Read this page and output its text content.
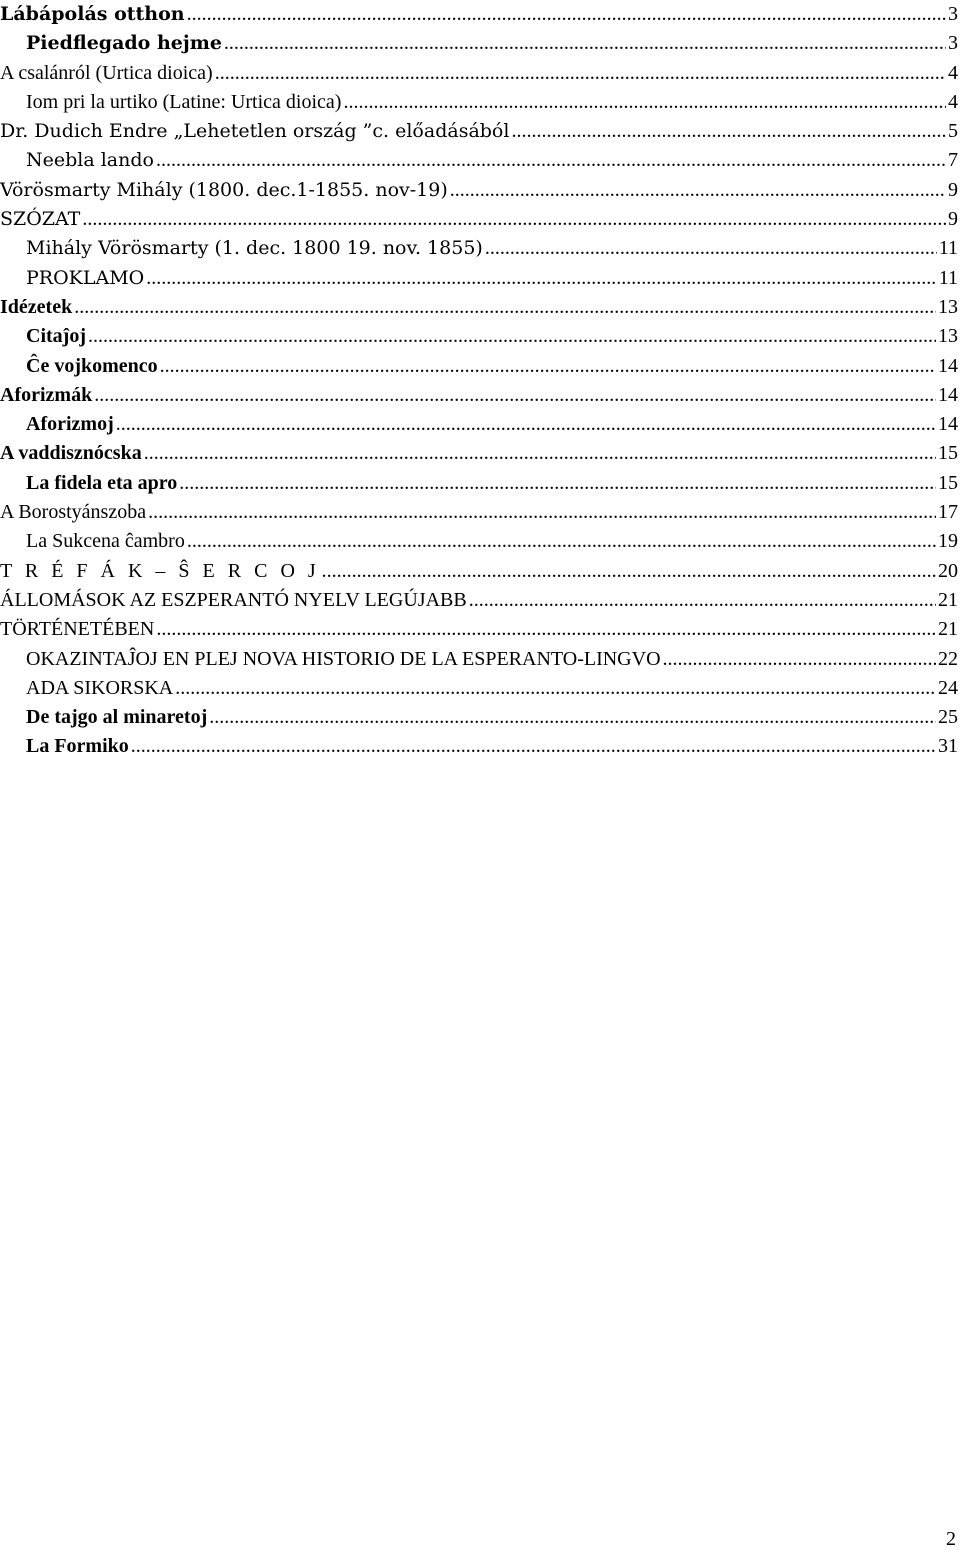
Lábápolás otthon .....	3
Piedflegado hejme .....	3
A csalánról (Urtica dioica) .....	4
Iom pri la urtiko (Latine: Urtica dioica) .....	4
Dr. Dudich Endre „Lehetetlen ország ”c. előadásából .....	5
Neebla lando .....	7
Vörösmarty Mihály (1800. dec.1-1855. nov-19) .....	9
SZÓZAT .....	9
Mihály Vörösmarty (1. dec. 1800 19. nov. 1855) .....	11
PROKLAMO .....	11
Idézetek .....	13
Citaĵoj .....	13
Ĉe vojkomenco .....	14
Aforizmák .....	14
Aforizmoj .....	14
A vaddisznócska .....	15
La fidela eta apro .....	15
A Borostyánszoba .....	17
La Sukcena ĉambro .....	19
T R É F Á K – Ŝ E R C O J .....	20
ÁLLOMÁSOK AZ ESZPERANTÓ NYELV LEGÚJABB .....	21
TÖRTÉNETÉBEN .....	21
OKAZINTAĴOJ EN PLEJ NOVA HISTORIO DE LA ESPERANTO-LINGVO .....	22
ADA SIKORSKA .....	24
De tajgo al minaretoj .....	25
La Formiko .....	31
2
